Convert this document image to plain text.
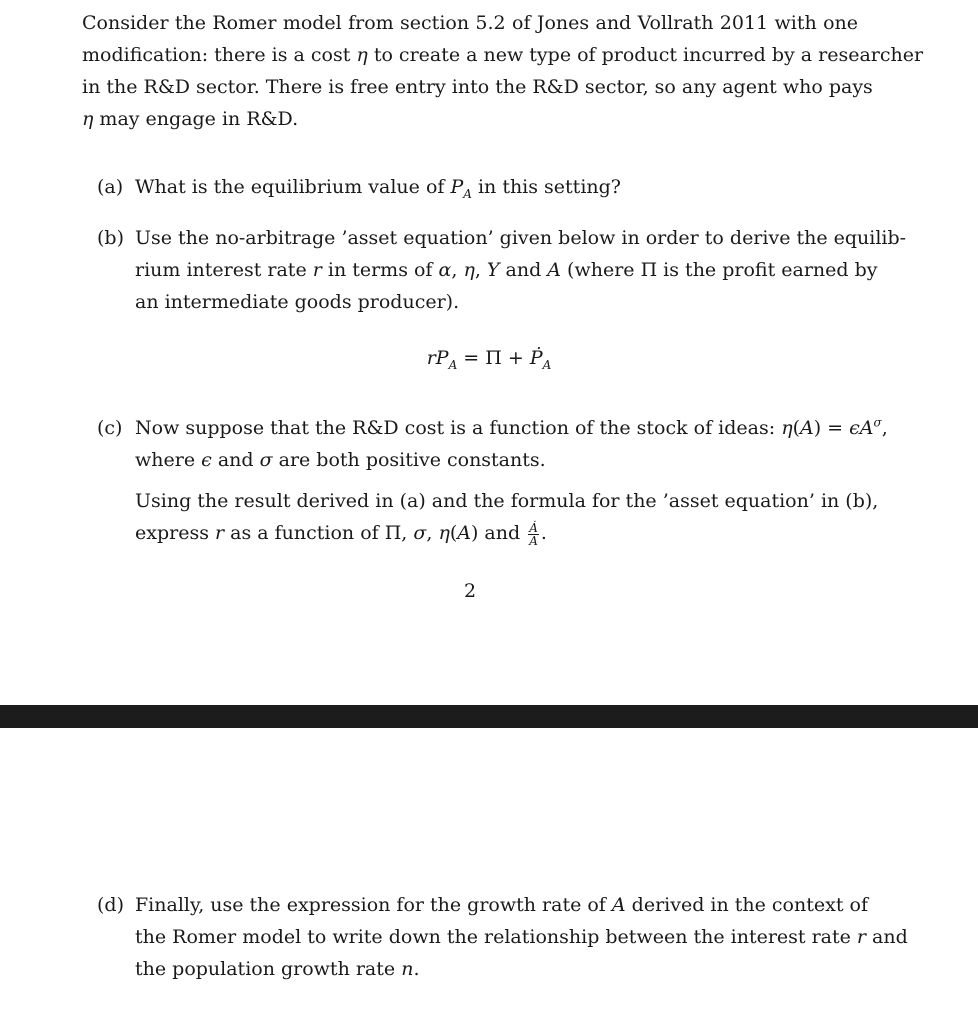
Consider the Romer model from section 5.2 of Jones and Vollrath 2011 with one
modification: there is a cost η to create a new type of product incurred by a researcher
in the R&D sector. There is free entry into the R&D sector, so any agent who pays
η may engage in R&D.
(a) What is the equilibrium value of $P_A$ in this setting?
(b) Use the no-arbitrage ’asset equation’ given below in order to derive the equilib-
rium interest rate r in terms of α, η, Y and A (where Π is the profit earned by
an intermediate goods producer).
$rP_A = \Pi$ + Ṗ$_A$
(c) Now suppose that the R&D cost is a function of the stock of ideas: $\eta(A) = \epsilon A^\sigma$,
where ϵ and σ are both positive constants.
Using the result derived in (a) and the formula for the ’asset equation’ in (b),
express r as a function of Π, σ, η(A) and $\frac{Ȧ}{A}$ .
2
(d) Finally, use the expression for the growth rate of A derived in the context of
the Romer model to write down the relationship between the interest rate r and
the population growth rate n.
